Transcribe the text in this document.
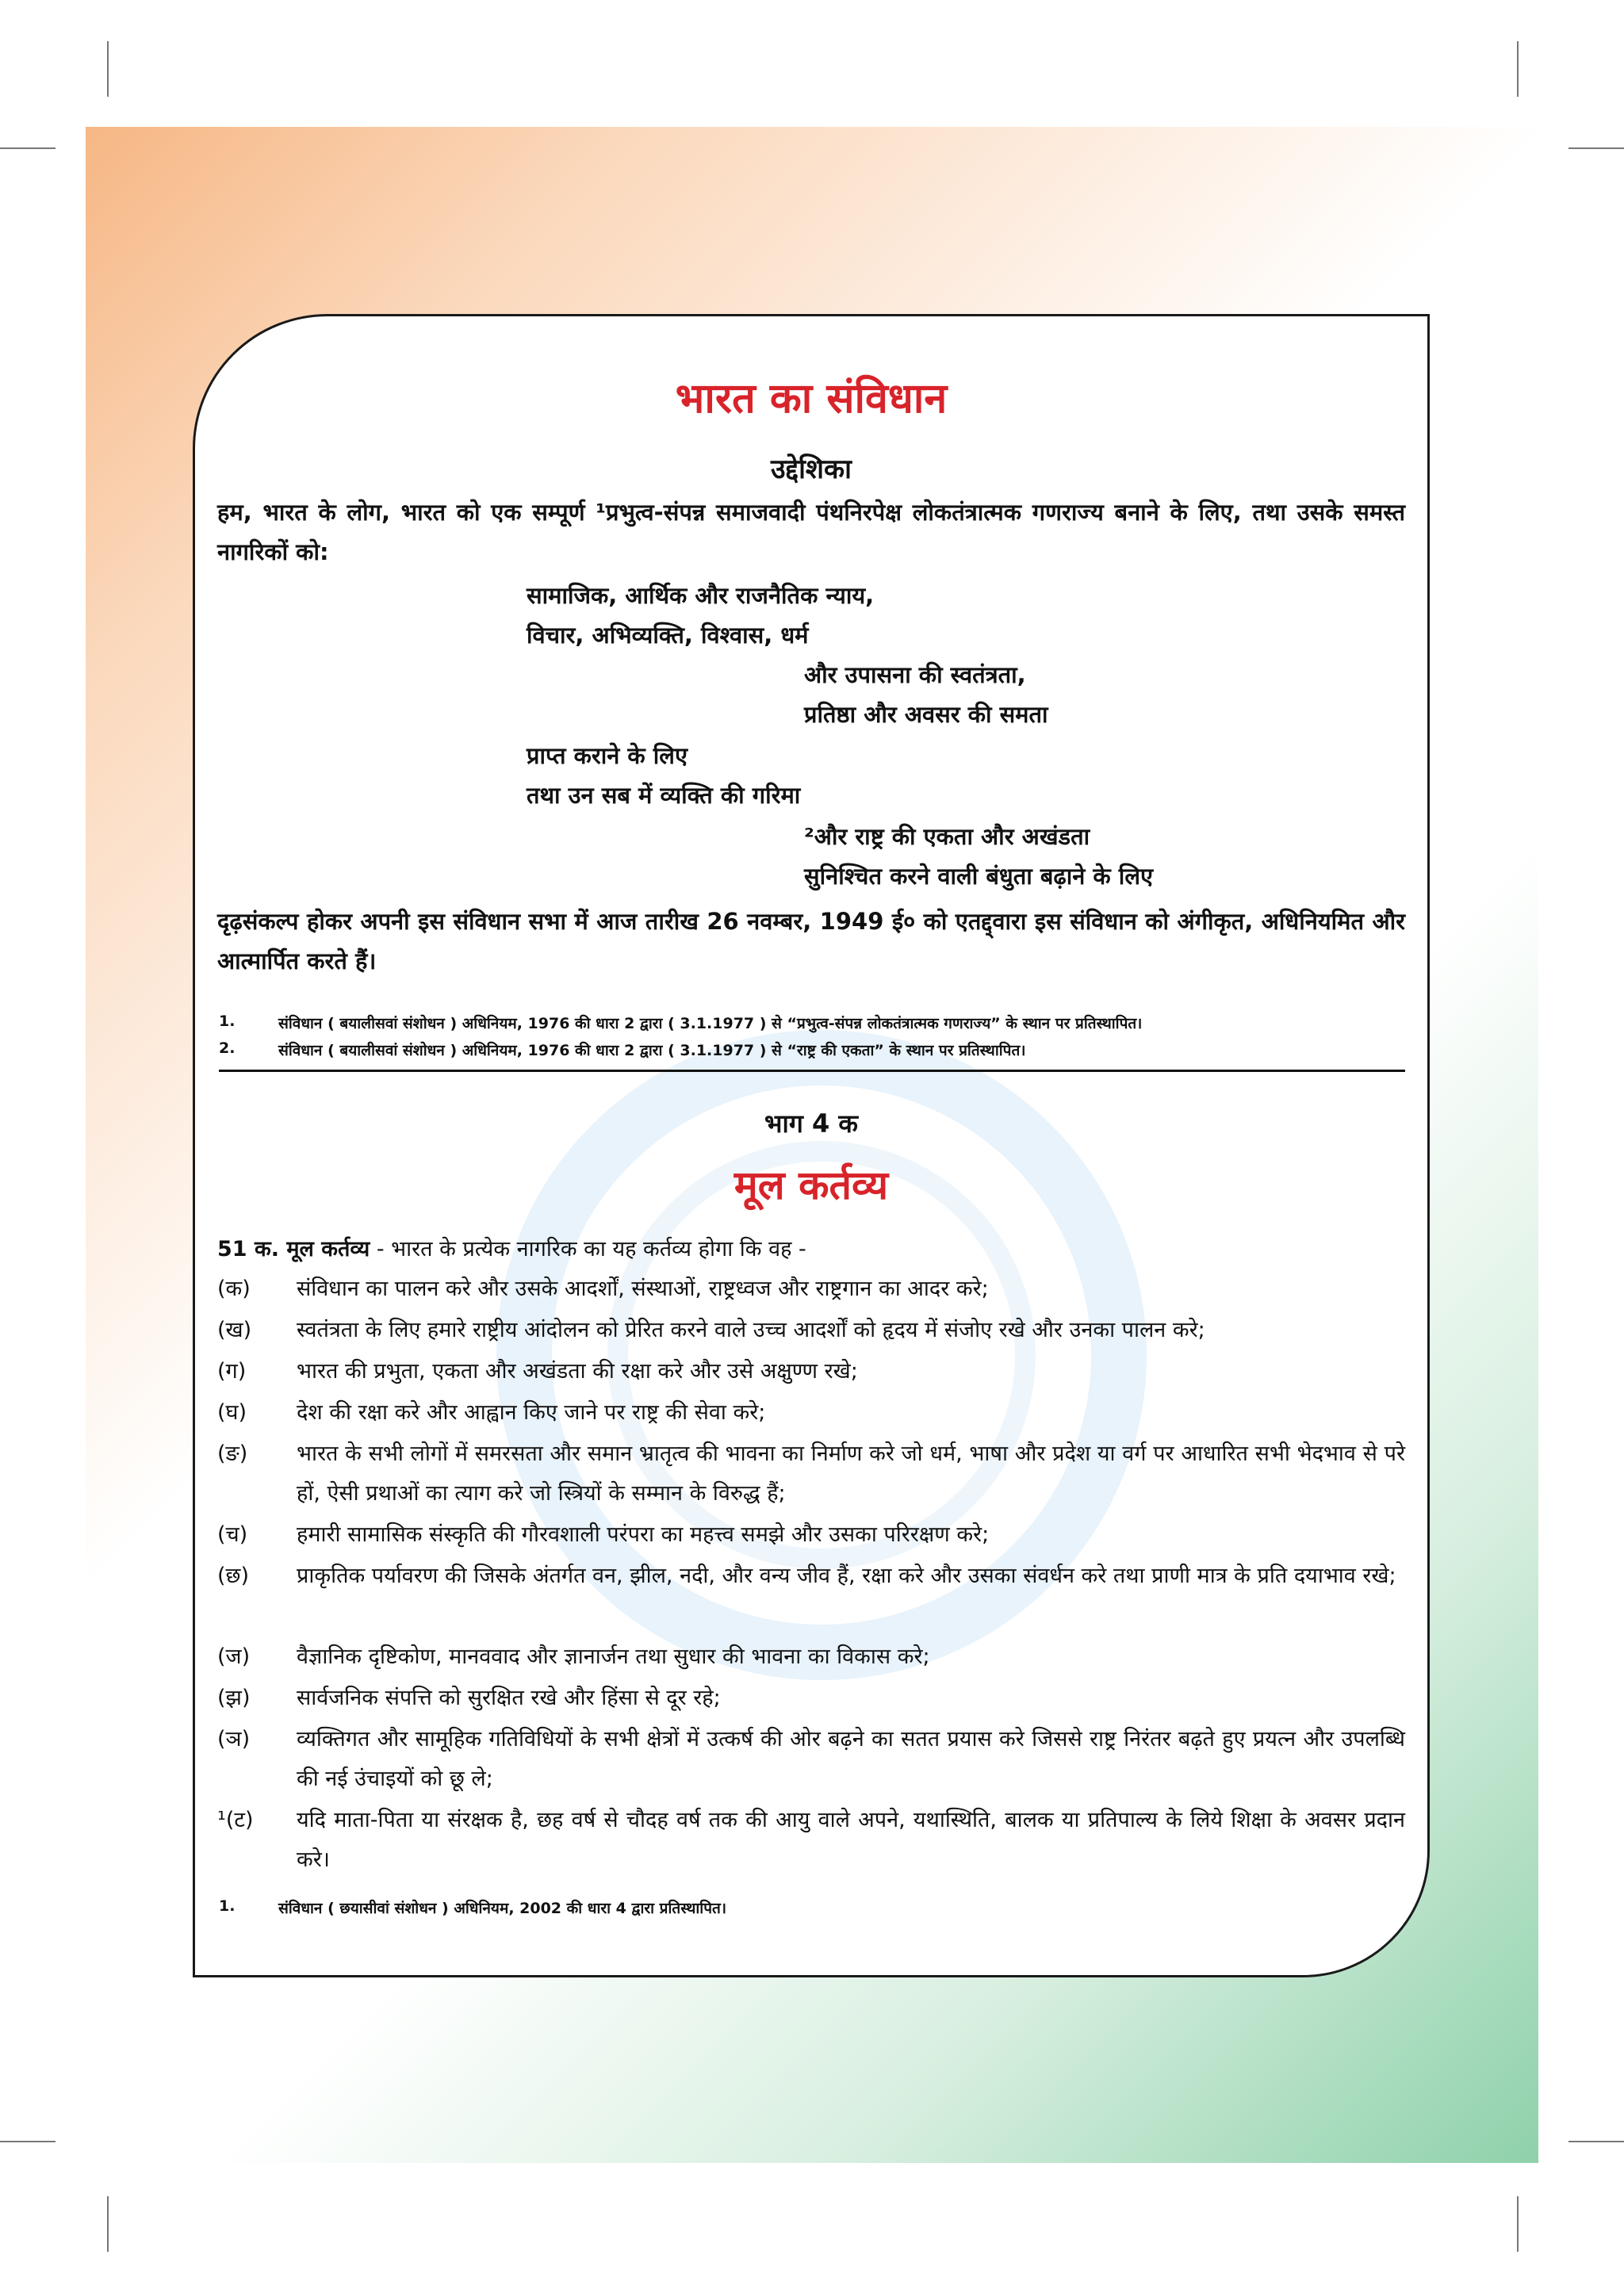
भारत का संविधान
उद्देशिका
हम, भारत के लोग, भारत को एक सम्पूर्ण ¹प्रभुत्व-संपन्न समाजवादी पंथनिरपेक्ष लोकतंत्रात्मक गणराज्य बनाने के लिए, तथा उसके समस्त नागरिकों को:
सामाजिक, आर्थिक और राजनैतिक न्याय,
विचार, अभिव्यक्ति, विश्वास, धर्म
और उपासना की स्वतंत्रता,
प्रतिष्ठा और अवसर की समता
प्राप्त कराने के लिए
तथा उन सब में व्यक्ति की गरिमा
²और राष्ट्र की एकता और अखंडता
सुनिश्चित करने वाली बंधुता बढ़ाने के लिए
दृढ़संकल्प होकर अपनी इस संविधान सभा में आज तारीख 26 नवम्बर, 1949 ई० को एतद्द्वारा इस संविधान को अंगीकृत, अधिनियमित और आत्मार्पित करते हैं।
1.	संविधान ( बयालीसवां संशोधन ) अधिनियम, 1976 की धारा 2 द्वारा ( 3.1.1977 ) से “प्रभुत्व-संपन्न लोकतंत्रात्मक गणराज्य” के स्थान पर प्रतिस्थापित।
2.	संविधान ( बयालीसवां संशोधन ) अधिनियम, 1976 की धारा 2 द्वारा ( 3.1.1977 ) से “राष्ट्र की एकता” के स्थान पर प्रतिस्थापित।
भाग 4 क
मूल कर्तव्य
51 क. मूल कर्तव्य - भारत के प्रत्येक नागरिक का यह कर्तव्य होगा कि वह -
(क)	संविधान का पालन करे और उसके आदर्शों, संस्थाओं, राष्ट्रध्वज और राष्ट्रगान का आदर करे;
(ख)	स्वतंत्रता के लिए हमारे राष्ट्रीय आंदोलन को प्रेरित करने वाले उच्च आदर्शों को हृदय में संजोए रखे और उनका पालन करे;
(ग)	भारत की प्रभुता, एकता और अखंडता की रक्षा करे और उसे अक्षुण्ण रखे;
(घ)	देश की रक्षा करे और आह्वान किए जाने पर राष्ट्र की सेवा करे;
(ङ)	भारत के सभी लोगों में समरसता और समान भ्रातृत्व की भावना का निर्माण करे जो धर्म, भाषा और प्रदेश या वर्ग पर आधारित सभी भेदभाव से परे हों, ऐसी प्रथाओं का त्याग करे जो स्त्रियों के सम्मान के विरुद्ध हैं;
(च)	हमारी सामासिक संस्कृति की गौरवशाली परंपरा का महत्त्व समझे और उसका परिरक्षण करे;
(छ)	प्राकृतिक पर्यावरण की जिसके अंतर्गत वन, झील, नदी, और वन्य जीव हैं, रक्षा करे और उसका संवर्धन करे तथा प्राणी मात्र के प्रति दयाभाव रखे;
(ज)	वैज्ञानिक दृष्टिकोण, मानववाद और ज्ञानार्जन तथा सुधार की भावना का विकास करे;
(झ)	सार्वजनिक संपत्ति को सुरक्षित रखे और हिंसा से दूर रहे;
(ञ)	व्यक्तिगत और सामूहिक गतिविधियों के सभी क्षेत्रों में उत्कर्ष की ओर बढ़ने का सतत प्रयास करे जिससे राष्ट्र निरंतर बढ़ते हुए प्रयत्न और उपलब्धि की नई उंचाइयों को छू ले;
¹(ट)	यदि माता-पिता या संरक्षक है, छह वर्ष से चौदह वर्ष तक की आयु वाले अपने, यथास्थिति, बालक या प्रतिपाल्य के लिये शिक्षा के अवसर प्रदान करे।
1.	संविधान ( छयासीवां संशोधन ) अधिनियम, 2002 की धारा 4 द्वारा प्रतिस्थापित।
